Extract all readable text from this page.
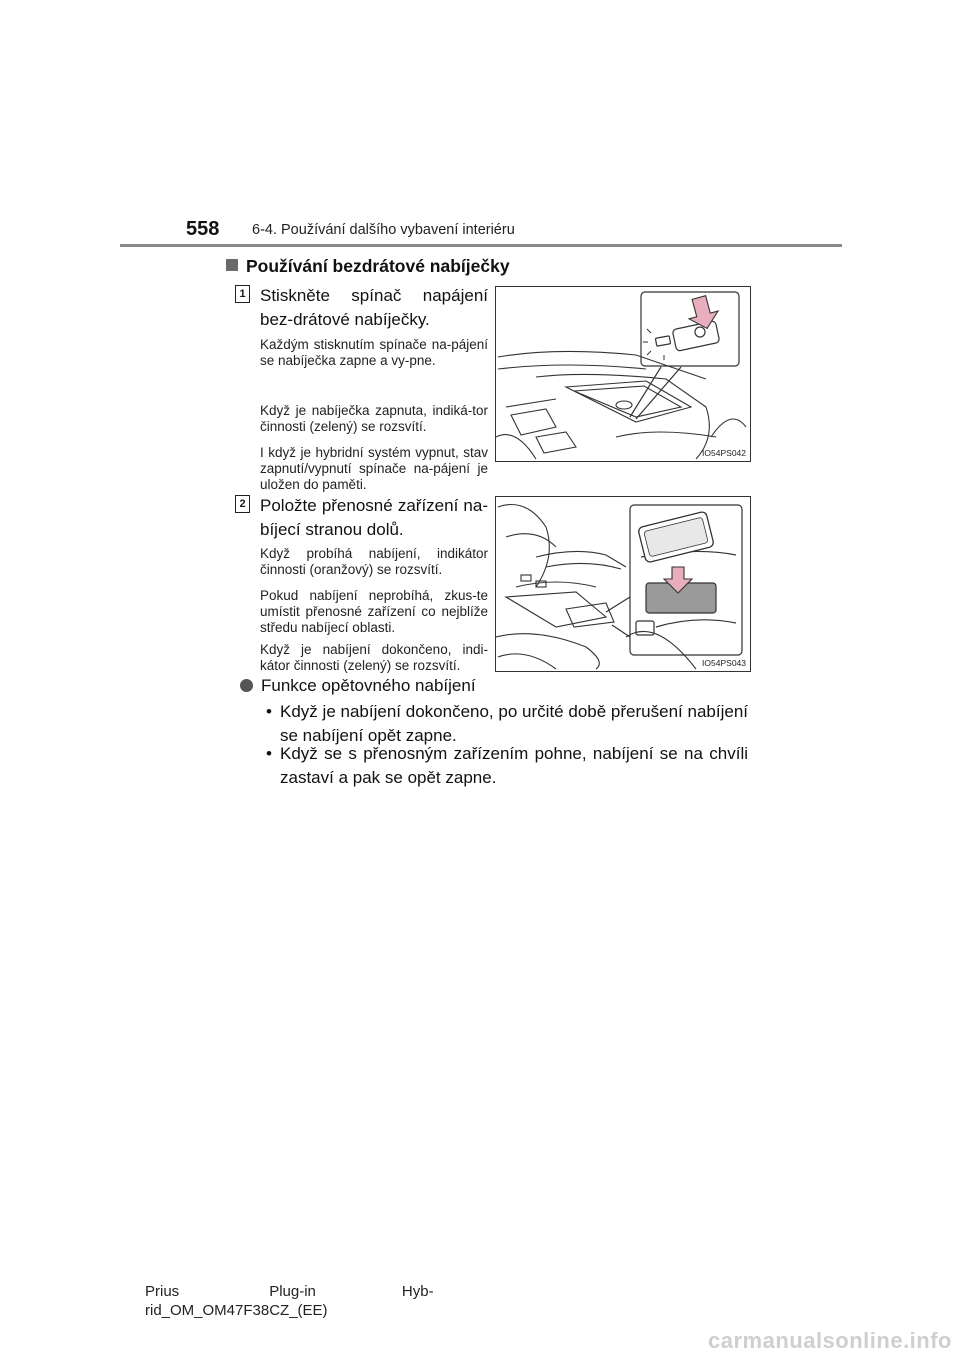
558 6-4. Používání dalšího vybavení interiéru
Používání bezdrátové nabíječky
1 Stiskněte spínač napájení bez-drátové nabíječky.
Každým stisknutím spínače na-pájení se nabíječka zapne a vy-pne.
Když je nabíječka zapnuta, indiká-tor činnosti (zelený) se rozsvítí.
I když je hybridní systém vypnut, stav zapnutí/vypnutí spínače na-pájení je uložen do paměti.
IO54PS042
2 Položte přenosné zařízení na-bíjecí stranou dolů.
Když probíhá nabíjení, indikátor činnosti (oranžový) se rozsvítí.
Pokud nabíjení neprobíhá, zkus-te umístit přenosné zařízení co nejblíže středu nabíjecí oblasti.
Když je nabíjení dokončeno, indi-kátor činnosti (zelený) se rozsvítí.	IO54PS043
Funkce opětovného nabíjení
• Když je nabíjení dokončeno, po určité době přerušení nabíjení se nabíjení opět zapne.
• Když se s přenosným zařízením pohne, nabíjení se na chvíli zastaví a pak se opět zapne.
Prius	Plug-in	Hyb-
rid_OM_OM47F38CZ_(EE)
carmanualsonline.info
